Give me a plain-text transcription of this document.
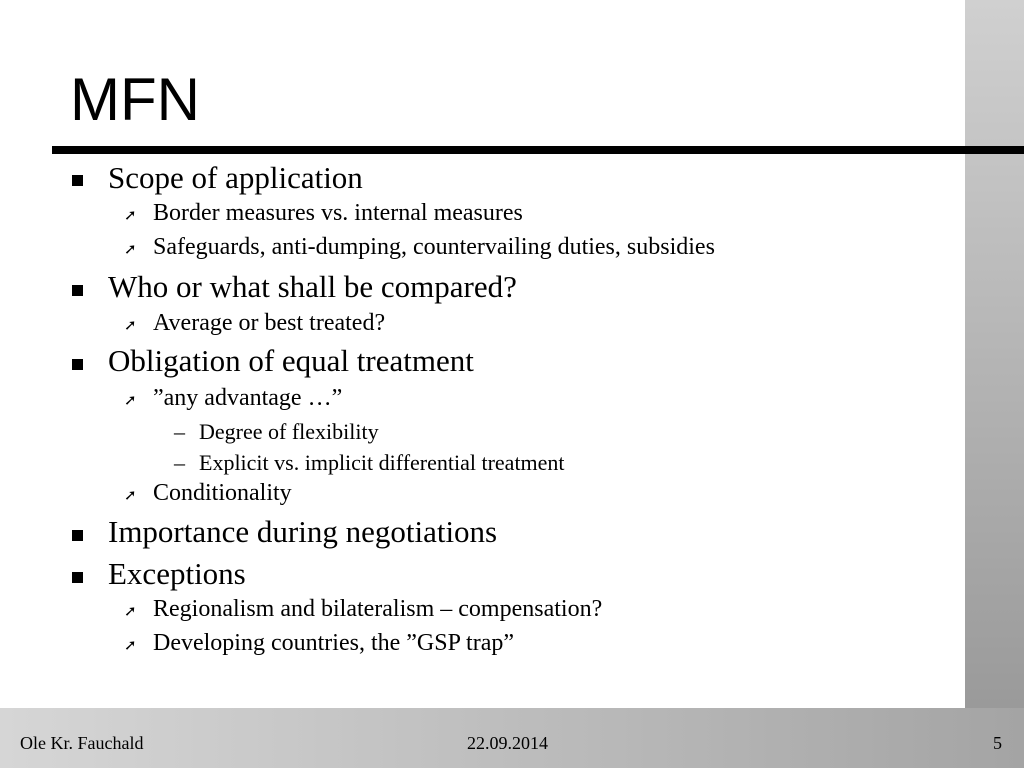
MFN
Scope of application
➚ Border measures vs. internal measures
➚ Safeguards, anti-dumping, countervailing duties, subsidies
Who or what shall be compared?
➚ Average or best treated?
Obligation of equal treatment
➚ ”any advantage …”
– Degree of flexibility
– Explicit vs. implicit differential treatment
➚ Conditionality
Importance during negotiations
Exceptions
➚ Regionalism and bilateralism – compensation?
➚ Developing countries, the ”GSP trap”
Ole Kr. Fauchald	22.09.2014	5
